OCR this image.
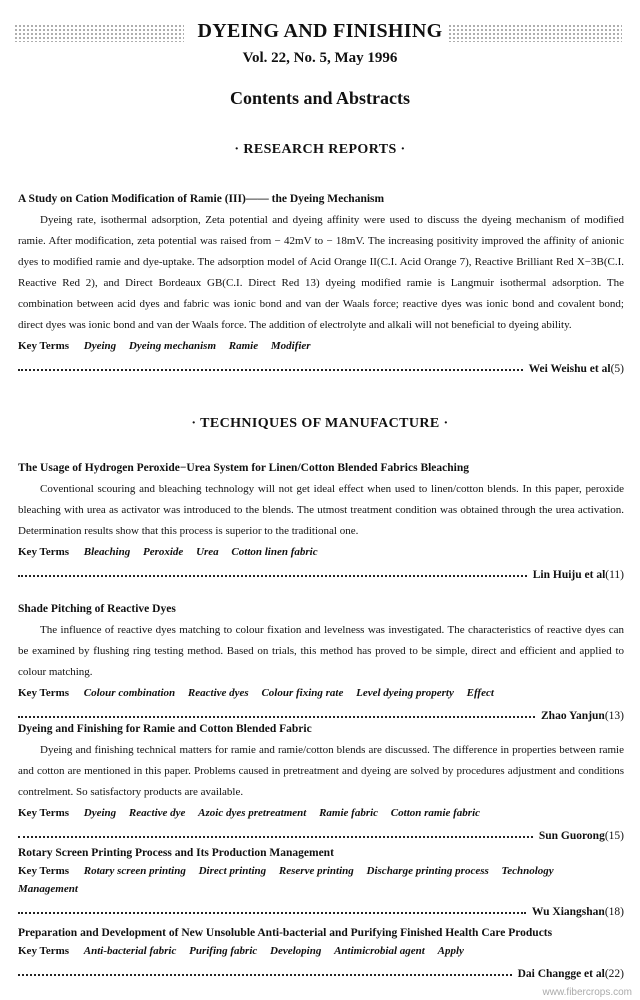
DYEING AND FINISHING
Vol. 22, No. 5, May 1996
Contents and Abstracts
· RESEARCH REPORTS ·
A Study on Cation Modification of Ramie (III)—— the Dyeing Mechanism
Dyeing rate, isothermal adsorption, Zeta potential and dyeing affinity were used to discuss the dyeing mechanism of modified ramie. After modification, zeta potential was raised from − 42mV to − 18mV. The increasing positivity improved the affinity of anionic dyes to modified ramie and dye-uptake. The adsorption model of Acid Orange II(C.I. Acid Orange 7), Reactive Brilliant Red X−3B(C.I. Reactive Red 2), and Direct Bordeaux GB(C.I. Direct Red 13) dyeing modified ramie is Langmuir isothermal adsorption. The combination between acid dyes and fabric was ionic bond and van der Waals force; reactive dyes was ionic bond and covalent bond; direct dyes was ionic bond and van der Waals force. The addition of electrolyte and alkali will not beneficial to dyeing ability.
Key Terms Dyeing Dyeing mechanism Ramie Modifier
Wei Weishu et al (5)
· TECHNIQUES OF MANUFACTURE ·
The Usage of Hydrogen Peroxide−Urea System for Linen/Cotton Blended Fabrics Bleaching
Coventional scouring and bleaching technology will not get ideal effect when used to linen/cotton blends. In this paper, peroxide bleaching with urea as activator was introduced to the blends. The utmost treatment condition was obtained through the urea activation. Determination results show that this process is superior to the traditional one.
Key Terms Bleaching Peroxide Urea Cotton linen fabric
Lin Huiju et al (11)
Shade Pitching of Reactive Dyes
The influence of reactive dyes matching to colour fixation and levelness was investigated. The characteristics of reactive dyes can be examined by flushing ring testing method. Based on trials, this method has proved to be simple, direct and efficient and applied to colour matching.
Key Terms Colour combination Reactive dyes Colour fixing rate Level dyeing property Effect
Zhao Yanjun (13)
Dyeing and Finishing for Ramie and Cotton Blended Fabric
Dyeing and finishing technical matters for ramie and ramie/cotton blends are discussed. The difference in properties between ramie and cotton are mentioned in this paper. Problems caused in pretreatment and dyeing are solved by procedures adjustment and conditions contrelment. So satisfactory products are available.
Key Terms Dyeing Reactive dye Azoic dyes pretreatment Ramie fabric Cotton ramie fabric
Sun Guorong (15)
Rotary Screen Printing Process and Its Production Management
Key Terms Rotary screen printing Direct printing Reserve printing Discharge printing process Technology Management
Wu Xiangshan (18)
Preparation and Development of New Unsoluble Anti-bacterial and Purifying Finished Health Care Products
Key Terms Anti-bacterial fabric Purifing fabric Developing Antimicrobial agent Apply
Dai Changge et al (22)
www.fibercrops.com
